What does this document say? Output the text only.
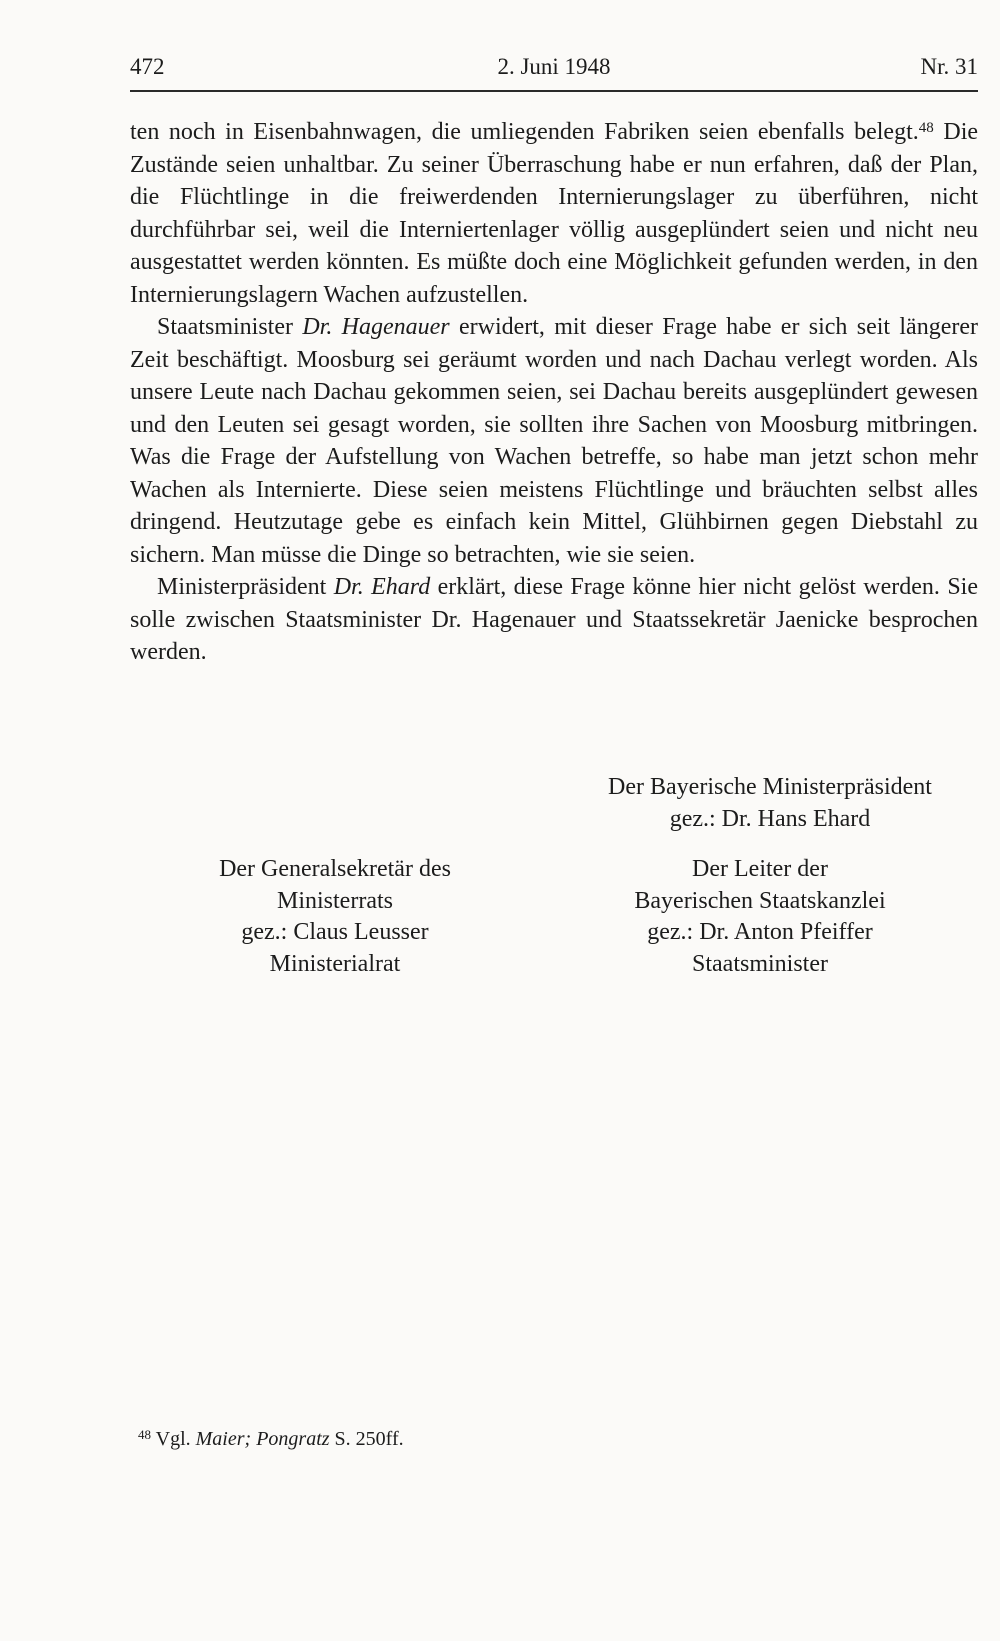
472	2. Juni 1948	Nr. 31

ten noch in Eisenbahnwagen, die umliegenden Fabriken seien ebenfalls belegt.$^{48}$ Die Zustände seien unhaltbar. Zu seiner Überraschung habe er nun erfahren, daß der Plan, die Flüchtlinge in die freiwerdenden Internierungslager zu überführen, nicht durchführbar sei, weil die Interniertenlager völlig ausgeplündert seien und nicht neu ausgestattet werden könnten. Es müßte doch eine Möglichkeit gefunden werden, in den Internierungslagern Wachen aufzustellen.

Staatsminister Dr. Hagenauer erwidert, mit dieser Frage habe er sich seit längerer Zeit beschäftigt. Moosburg sei geräumt worden und nach Dachau verlegt worden. Als unsere Leute nach Dachau gekommen seien, sei Dachau bereits ausgeplündert gewesen und den Leuten sei gesagt worden, sie sollten ihre Sachen von Moosburg mitbringen. Was die Frage der Aufstellung von Wachen betreffe, so habe man jetzt schon mehr Wachen als Internierte. Diese seien meistens Flüchtlinge und bräuchten selbst alles dringend. Heutzutage gebe es einfach kein Mittel, Glühbirnen gegen Diebstahl zu sichern. Man müsse die Dinge so betrachten, wie sie seien.

Ministerpräsident Dr. Ehard erklärt, diese Frage könne hier nicht gelöst werden. Sie solle zwischen Staatsminister Dr. Hagenauer und Staatssekretär Jaenicke besprochen werden.

Der Bayerische Ministerpräsident
gez.: Dr. Hans Ehard
Der Generalsekretär des
Ministerrats
gez.: Claus Leusser
Ministerialrat
Der Leiter der
Bayerischen Staatskanzlei
gez.: Dr. Anton Pfeiffer
Staatsminister
$^{48}$ Vgl. Maier; Pongratz S. 250ff.
